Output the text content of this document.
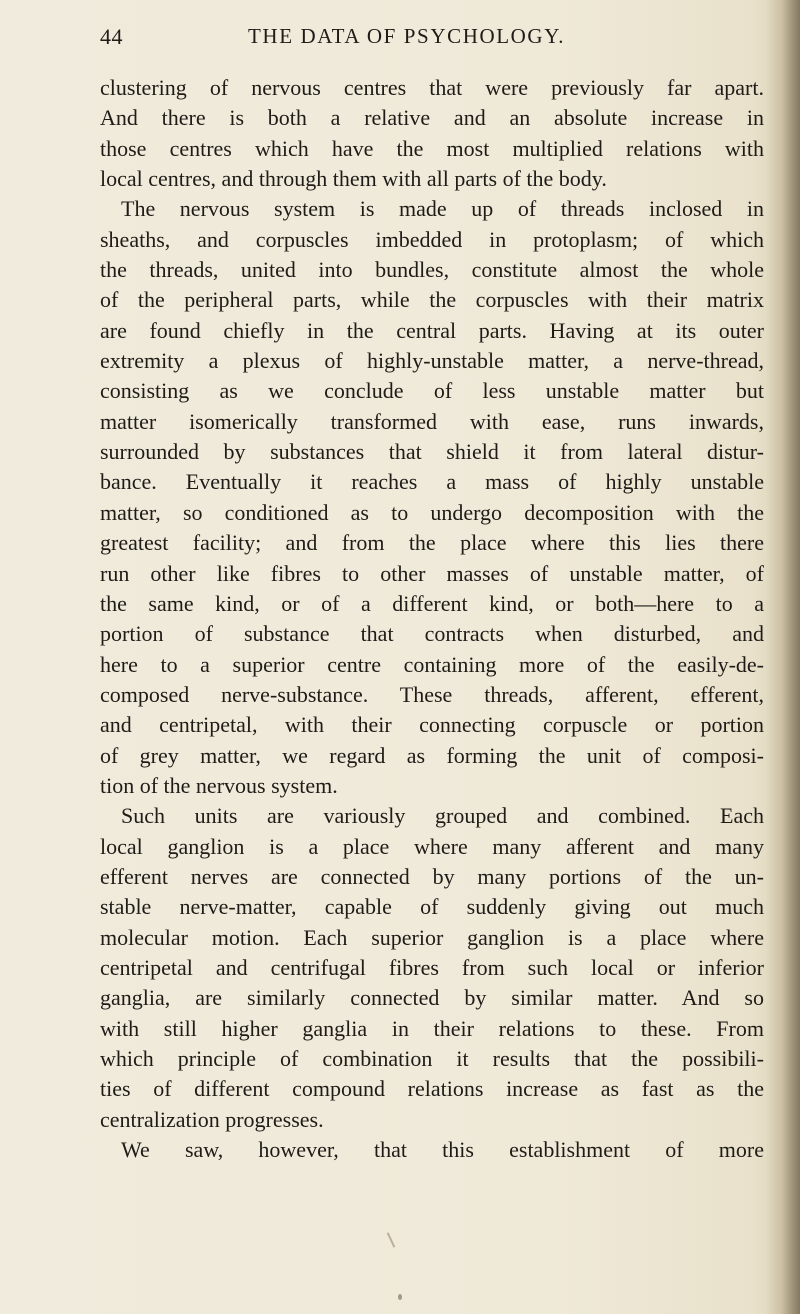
44	THE DATA OF PSYCHOLOGY.
clustering of nervous centres that were previously far apart.
And there is both a relative and an absolute increase in
those centres which have the most multiplied relations with
local centres, and through them with all parts of the body.
The nervous system is made up of threads inclosed in
sheaths, and corpuscles imbedded in protoplasm; of which
the threads, united into bundles, constitute almost the whole
of the peripheral parts, while the corpuscles with their matrix
are found chiefly in the central parts. Having at its outer
extremity a plexus of highly-unstable matter, a nerve-thread,
consisting as we conclude of less unstable matter but
matter isomerically transformed with ease, runs inwards,
surrounded by substances that shield it from lateral distur-
bance. Eventually it reaches a mass of highly unstable
matter, so conditioned as to undergo decomposition with the
greatest facility; and from the place where this lies there
run other like fibres to other masses of unstable matter, of
the same kind, or of a different kind, or both—here to a
portion of substance that contracts when disturbed, and
here to a superior centre containing more of the easily-de-
composed nerve-substance. These threads, afferent, efferent,
and centripetal, with their connecting corpuscle or portion
of grey matter, we regard as forming the unit of composi-
tion of the nervous system.
Such units are variously grouped and combined. Each
local ganglion is a place where many afferent and many
efferent nerves are connected by many portions of the un-
stable nerve-matter, capable of suddenly giving out much
molecular motion. Each superior ganglion is a place where
centripetal and centrifugal fibres from such local or inferior
ganglia, are similarly connected by similar matter. And so
with still higher ganglia in their relations to these. From
which principle of combination it results that the possibili-
ties of different compound relations increase as fast as the
centralization progresses.
We saw, however, that this establishment of more
